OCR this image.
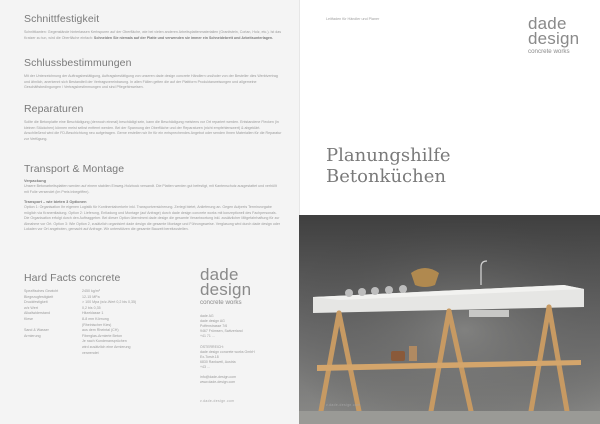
Schnittfestigkeit
Schnittkanten: Gegenstände hinterlassen Kerbspuren auf der Oberfläche, wie bei vielen anderen Arbeitsplattenmaterialien (Granitstein, Corian, Holz, etc.). Ist das Kratzer zu tun, wird die Oberfläche einfach: Schneiden Sie niemals auf der Platte und verwenden sie immer ein Schneidebrett und Arbeitsunterlagen.
Schlussbestimmungen
Mit der Unterzeichnung der Auftragsbestätigung, Auftragsbestätigung von unseren dade design concrete Händlern und/oder von der Besteller dies Werktvertrag und ähnlich, anerkennt sich Bestandteil der Vertragsvereinbarung. In allen Fällen gelten die auf der Plattform Produktanweisungen und allgemeine Geschäftsbedingungen / Vertragsbestimmungen und sind Pflegehinweisen.
Reparaturen
Sollte die Betonplatte eine Beschädigung (dennoch einmal) beschädigt sein, kann die Beschädigung meistens vor Ort repariert werden. Entstandene Flecken (in kleinen Stückchen) können meist selbst entfernt werden. Bei der Spannung der Oberfläche und der Reparaturen (nicht empfehlenswert) & abgeklärt. Anschließend wird die FD-Beschichtung neu aufgetragen. Gerne erstellen wir Ihr für ein entsprechendes Angebot oder senden Ihnen Materialien für die Reparatur zur Verfügung.
Transport & Montage
Verpackung
Unsere Betonarbeitsplatten werden auf einem stabilen Einweg-Holzbock versandt. Die Platten werden gut befestigt, mit Kantenschutz ausgestattet und verhüllt mit Folie versendet (im Preis inbegriffen).
Transport – wie bieten 3 Optionen
Option 1: Organisation Ihr eigenen Logistik für Kontinentalverkehr inkl. Transportversicherung. Zerlegt bietet, Anlieferung an. Gegen Aufpreis Terminvorgabe möglich via Kranentladung. Option 2: Lieferung, Entladung und Montage (auf Anfrage) durch dade design concrete works mit konzeptionell des Fachpersonals. Die Organisation erfolgt durch den Auftraggeber. Bei dieser Option übernimmt dade design die gesamte Verantwortung inkl. zusätzlicher Mitgefahrhaftung für zur Abnahme vor Ort. Option 3: Wie Option 2, zusätzlich organisiert dade design die gesamte Montage und Führungsweise. Verglasung wird durch dade design oder Lokalen vor Ort angeboten, gemacht auf Anfrage. Wir unterstützen die gesamte Bauzeit bereitzustellen.
Hard Facts concrete
Spezifisches Gewicht	2450 kg/m³
Biegezugfestigkeit	12-15 MPa
Druckfestigkeit	> 100 Mpa (w/z-Wert 0,2 bis 0,35)
w/z Wert	0,2 bis 0,35
Alkaliwiderstand	Hitzeklasse 1
Kiese	8-8 mm Körnung
(Rheinischer Kies)
Sand & Wasser	aus dem Rheintal (CH)
Armierung	Fiberglas-Armierte Beton
Je nach Kundenansprüchen
wird zusätzlich eine Armierung
verwendet
dade
design
concrete works
dade AG
dade design AG
Poffenstrasse 7/6
9467 Frümsen, Switzerland
+41 71 ...
ÖSTERREICH:
dade design concrete works GmbH
Ex-Torstr.18
6830 Rankweil, Austria
+43 ...
info@dade-design.com
www.dade-design.com
v.dade-design.com
Leitfaden für Händler und Planer	dade
design
concrete works
Planungshilfe
Betonküchen
v.dade-design.com
